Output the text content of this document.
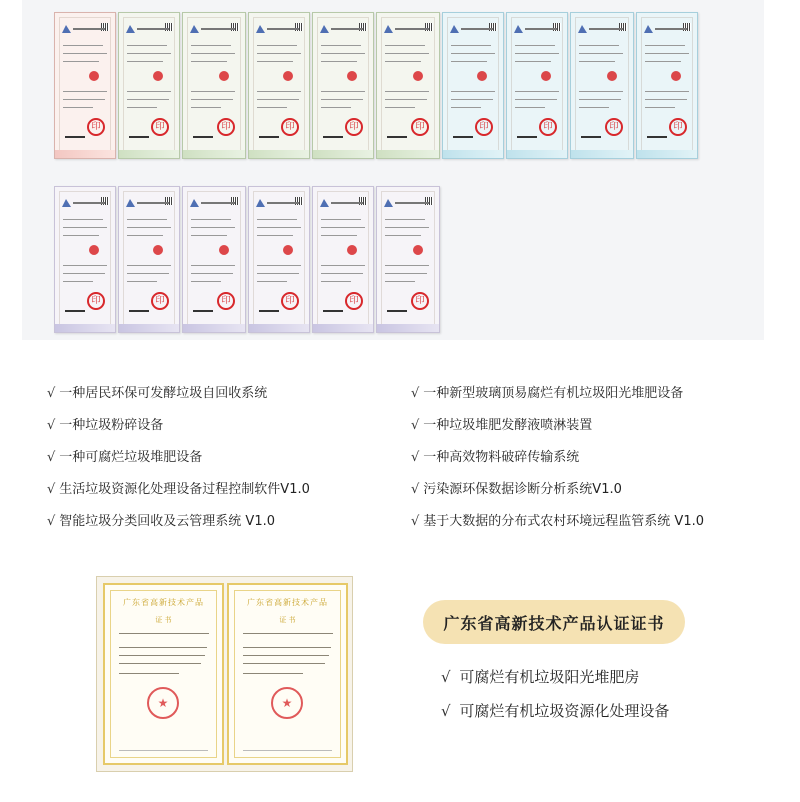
印	印	印	印	印	印	印	印	印	印
印	印	印	印	印	印
√ 一种居民环保可发酵垃圾自回收系统
√ 一种垃圾粉碎设备
√ 一种可腐烂垃圾堆肥设备
√ 生活垃圾资源化处理设备过程控制软件V1.0
√ 智能垃圾分类回收及云管理系统 V1.0
√ 一种新型玻璃顶易腐烂有机垃圾阳光堆肥设备
√ 一种垃圾堆肥发酵液喷淋装置
√ 一种高效物料破碎传输系统
√ 污染源环保数据诊断分析系统V1.0
√ 基于大数据的分布式农村环境远程监管系统 V1.0
广东省高新技术产品
证 书
★
广东省高新技术产品
证 书
★
广东省高新技术产品认证证书
√ 可腐烂有机垃圾阳光堆肥房
√ 可腐烂有机垃圾资源化处理设备
